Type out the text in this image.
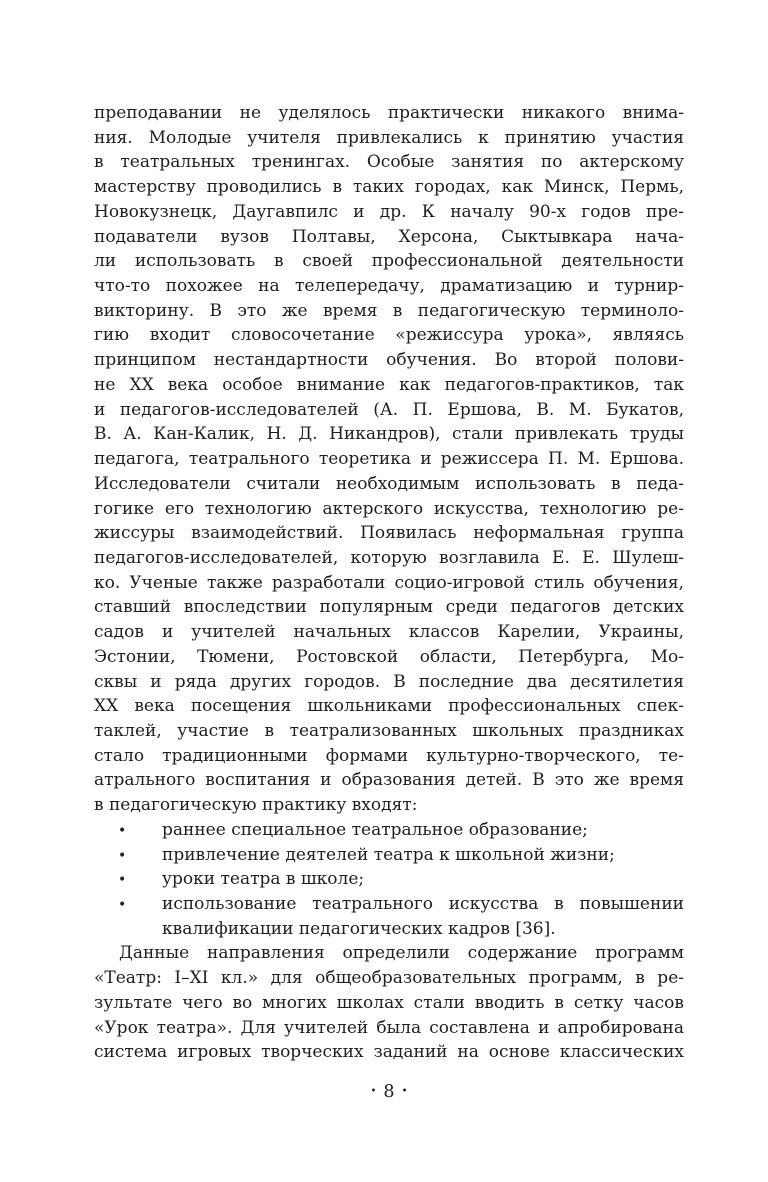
преподавании не уделялось практически никакого внима-
ния. Молодые учителя привлекались к принятию участия
в театральных тренингах. Особые занятия по актерскому
мастерству проводились в таких городах, как Минск, Пермь,
Новокузнецк, Даугавпилс и др. К началу 90-х годов пре-
подаватели вузов Полтавы, Херсона, Сыктывкара нача-
ли использовать в своей профессиональной деятельности
что-то похожее на телепередачу, драматизацию и турнир-
викторину. В это же время в педагогическую терминоло-
гию входит словосочетание «режиссура урока», являясь
принципом нестандартности обучения. Во второй полови-
не XX века особое внимание как педагогов-практиков, так
и педагогов-исследователей (А. П. Ершова, В. М. Букатов,
В. А. Кан-Калик, Н. Д. Никандров), стали привлекать труды
педагога, театрального теоретика и режиссера П. М. Ершова.
Исследователи считали необходимым использовать в педа-
гогике его технологию актерского искусства, технологию ре-
жиссуры взаимодействий. Появилась неформальная группа
педагогов-исследователей, которую возглавила Е. Е. Шулеш-
ко. Ученые также разработали социо-игровой стиль обучения,
ставший впоследствии популярным среди педагогов детских
садов и учителей начальных классов Карелии, Украины,
Эстонии, Тюмени, Ростовской области, Петербурга, Мо-
сквы и ряда других городов. В последние два десятилетия
XX века посещения школьниками профессиональных спек-
таклей, участие в театрализованных школьных праздниках
стало традиционными формами культурно-творческого, те-
атрального воспитания и образования детей. В это же время
в педагогическую практику входят:
• раннее специальное театральное образование;
• привлечение деятелей театра к школьной жизни;
• уроки театра в школе;
• использование театрального искусства в повышении
квалификации педагогических кадров [36].
Данные направления определили содержание программ
«Театр: I–XI кл.» для общеобразовательных программ, в ре-
зультате чего во многих школах стали вводить в сетку часов
«Урок театра». Для учителей была составлена и апробирована
система игровых творческих заданий на основе классических
• 8 •
